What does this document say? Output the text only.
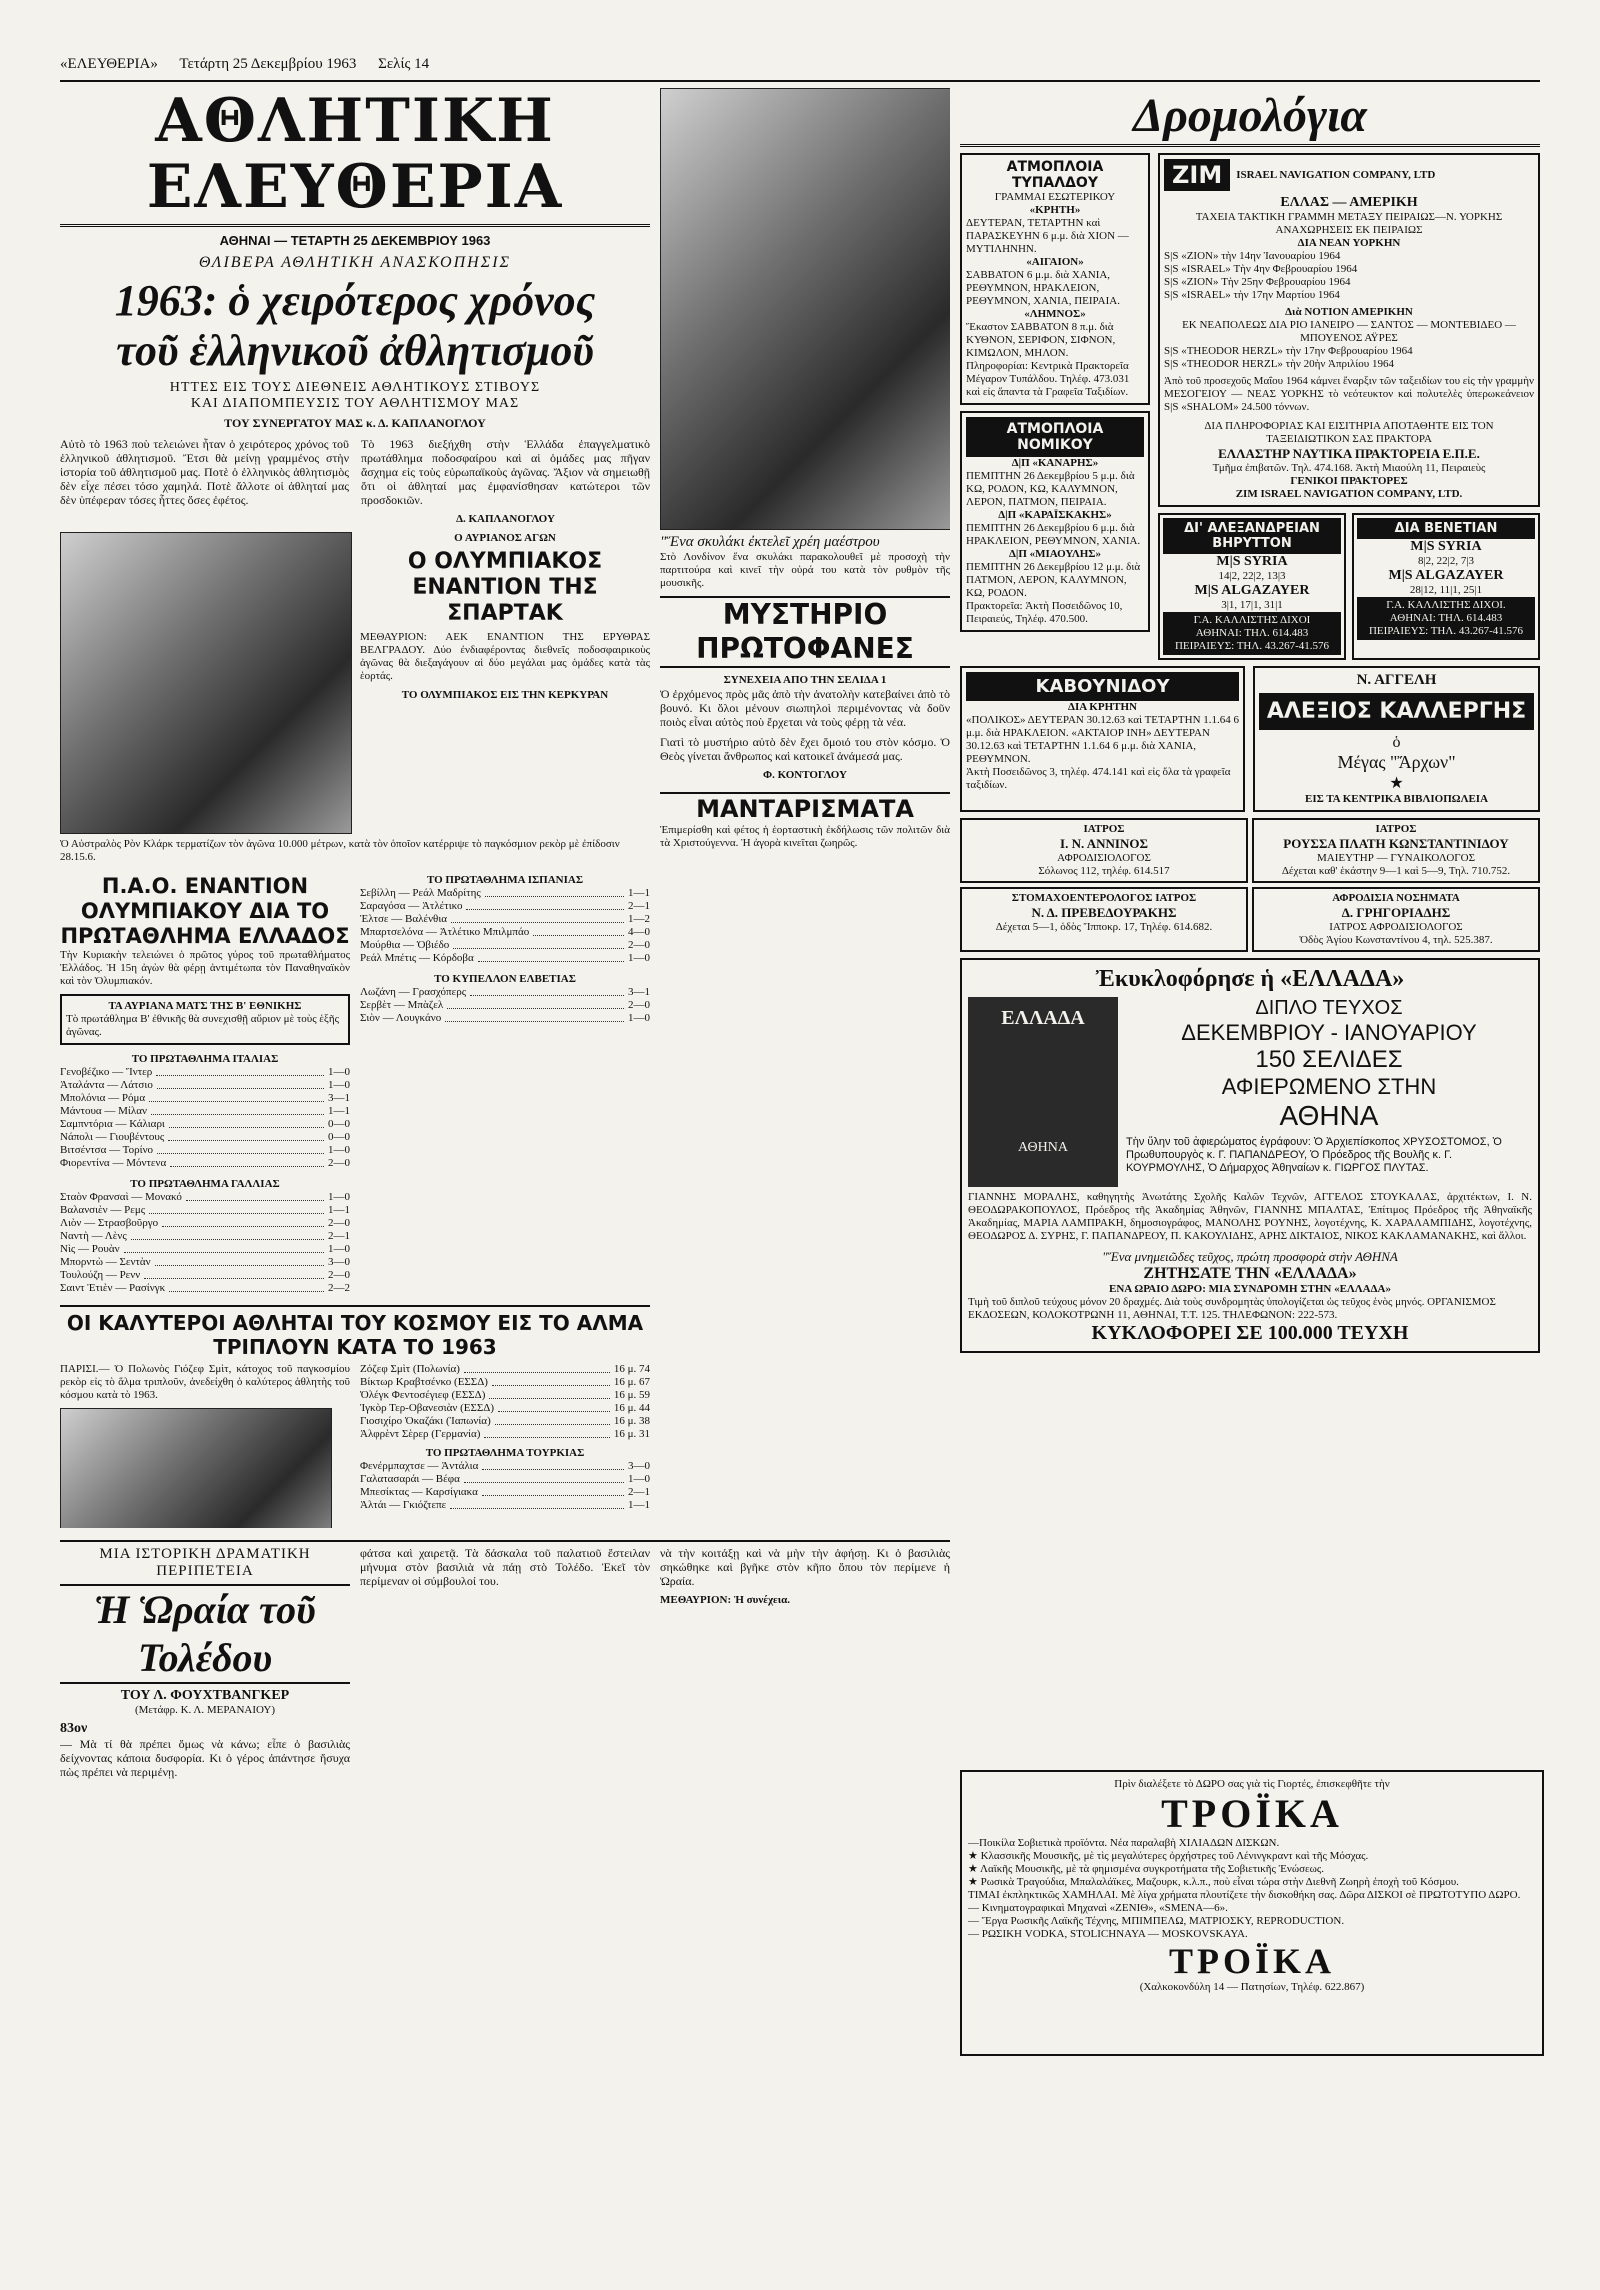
«ΕΛΕΥΘΕΡΙΑ» Τετάρτη 25 Δεκεμβρίου 1963 Σελίς 14
ΑΘΛΗΤΙΚΗ ΕΛΕΥΘΕΡΙΑ
ΑΘΗΝΑΙ — ΤΕΤΑΡΤΗ 25 ΔΕΚΕΜΒΡΙΟΥ 1963
ΘΛΙΒΕΡΑ ΑΘΛΗΤΙΚΗ ΑΝΑΣΚΟΠΗΣΙΣ
1963: ὁ χειρότερος χρόνος
τοῦ ἑλληνικοῦ ἀθλητισμοῦ
ΗΤΤΕΣ ΕΙΣ ΤΟΥΣ ΔΙΕΘΝΕΙΣ ΑΘΛΗΤΙΚΟΥΣ ΣΤΙΒΟΥΣ
ΚΑΙ ΔΙΑΠΟΜΠΕΥΣΙΣ ΤΟΥ ΑΘΛΗΤΙΣΜΟΥ ΜΑΣ
ΤΟΥ ΣΥΝΕΡΓΑΤΟΥ ΜΑΣ κ. Δ. ΚΑΠΛΑΝΟΓΛΟΥ

Αὐτὸ τὸ 1963 ποὺ τελειώνει ἦταν ὁ χειρότερος χρόνος τοῦ ἑλληνικοῦ ἀθλητισμοῦ. Ἔτσι θὰ μείνῃ γραμμένος στὴν ἱστορία τοῦ ἀθλητισμοῦ μας. Ποτὲ ὁ ἑλληνικὸς ἀθλητισμὸς δὲν εἶχε πέσει τόσο χαμηλά. Ποτὲ ἄλλοτε οἱ ἀθληταί μας δὲν ὑπέφεραν τόσες ἧττες ὅσες ἐφέτος.

Τὸ 1963 διεξήχθη στὴν Ἑλλάδα ἐπαγγελματικὸ πρωτάθλημα ποδοσφαίρου καὶ αἱ ὁμάδες μας πῆγαν ἄσχημα εἰς τοὺς εὐρωπαϊκοὺς ἀγῶνας. Ἄξιον νὰ σημειωθῇ ὅτι οἱ ἀθληταί μας ἐμφανίσθησαν κατώτεροι τῶν προσδοκιῶν.

Δ. ΚΑΠΛΑΝΟΓΛΟΥ
Ο ΑΥΡΙΑΝΟΣ ΑΓΩΝ
Ο ΟΛΥΜΠΙΑΚΟΣ ΕΝΑΝΤΙΟΝ ΤΗΣ ΣΠΑΡΤΑΚ

ΜΕΘΑΥΡΙΟΝ: ΑΕΚ ΕΝΑΝΤΙΟΝ ΤΗΣ ΕΡΥΘΡΑΣ ΒΕΛΓΡΑΔΟΥ. Δύο ἐνδιαφέροντας διεθνεῖς ποδοσφαιρικοὺς ἀγῶνας θὰ διεξαγάγουν αἱ δύο μεγάλαι μας ὁμάδες κατὰ τὰς ἑορτάς.

ΤΟ ΟΛΥΜΠΙΑΚΟΣ ΕΙΣ ΤΗΝ ΚΕΡΚΥΡΑΝ
Ὁ Αὐστραλὸς Ρὸν Κλάρκ τερματίζων τὸν ἀγῶνα 10.000 μέτρων, κατὰ τὸν ὁποῖον κατέρριψε τὸ παγκόσμιον ρεκὸρ μὲ ἐπίδοσιν 28.15.6.
Π.Α.Ο. ΕΝΑΝΤΙΟΝ ΟΛΥΜΠΙΑΚΟΥ ΔΙΑ ΤΟ ΠΡΩΤΑΘΛΗΜΑ ΕΛΛΑΔΟΣ

Τὴν Κυριακὴν τελειώνει ὁ πρῶτος γύρος τοῦ πρωταθλήματος Ἑλλάδος. Ἡ 15η ἀγὼν θὰ φέρῃ ἀντιμέτωπα τὸν Παναθηναϊκὸν καὶ τὸν Ὀλυμπιακόν.

ΤΑ ΑΥΡΙΑΝΑ ΜΑΤΣ ΤΗΣ Β' ΕΘΝΙΚΗΣ
Τὸ πρωτάθλημα Β' ἐθνικῆς θὰ συνεχισθῇ αὔριον μὲ τοὺς ἑξῆς ἀγῶνας.
ΤΟ ΠΡΩΤΑΘΛΗΜΑ ΙΤΑΛΙΑΣ
Γενοβέζικο — Ἴντερ	1—0
Ἀταλάντα — Λάτσιο	1—0
Μπολόνια — Ρόμα	3—1
Μάντουα — Μίλαν	1—1
Σαμπντόρια — Κάλιαρι	0—0
Νάπολι — Γιουβέντους	0—0
Βιτσέντσα — Τορίνο	1—0
Φιορεντίνα — Μόντενα	2—0
ΤΟ ΠΡΩΤΑΘΛΗΜΑ ΓΑΛΛΙΑΣ
Σταὸν Φρανσαὶ — Μονακό	1—0
Βαλανσιὲν — Ρεμς	1—1
Λιὸν — Στρασβοῦργο	2—0
Ναντὴ — Λὲνς	2—1
Νὶς — Ρουὰν	1—0
Μπορντὼ — Σεντὰν	3—0
Τουλούζη — Ρενν	2—0
Σαιντ Ἐτιὲν — Ρασίνγκ	2—2
ΤΟ ΠΡΩΤΑΘΛΗΜΑ ΙΣΠΑΝΙΑΣ
Σεβίλλη — Ρεάλ Μαδρίτης	1—1
Σαραγόσα — Ἀτλέτικο	2—1
Ἐλτσε — Βαλένθια	1—2
Μπαρτσελόνα — Ἀτλέτικο Μπιλμπάο	4—0
Μούρθια — Ὀβιέδο	2—0
Ρεάλ Μπέτις — Κόρδοβα	1—0
ΤΟ ΚΥΠΕΛΛΟΝ ΕΛΒΕΤΙΑΣ
Λωζάνη — Γρασχόπερς	3—1
Σερβὲτ — Μπὰζελ	2—0
Σιὸν — Λουγκάνο	1—0
ΟΙ ΚΑΛΥΤΕΡΟΙ ΑΘΛΗΤΑΙ ΤΟΥ ΚΟΣΜΟΥ ΕΙΣ ΤΟ ΑΛΜΑ ΤΡΙΠΛΟΥΝ ΚΑΤΑ ΤΟ 1963

ΠΑΡΙΣΙ.— Ὁ Πολωνὸς Γιόζεφ Σμὶτ, κάτοχος τοῦ παγκοσμίου ρεκὸρ εἰς τὸ ἅλμα τριπλοῦν, ἀνεδείχθη ὁ καλύτερος ἀθλητὴς τοῦ κόσμου κατὰ τὸ 1963.

Ζόζεφ Σμὶτ (Πολωνία)	16 μ. 74
Βίκτωρ Κραβτσένκο (ΕΣΣΔ)	16 μ. 67
Ὀλέγκ Φεντοσέγιεφ (ΕΣΣΔ)	16 μ. 59
Ἰγκὸρ Τερ-Οβανεσιὰν (ΕΣΣΔ)	16 μ. 44
Γιοσιχίρο Ὀκαζάκι (Ἰαπωνία)	16 μ. 38
Ἀλφρὲντ Σὲρερ (Γερμανία)	16 μ. 31
ΤΟ ΠΡΩΤΑΘΛΗΜΑ ΤΟΥΡΚΙΑΣ
Φενέρμπαχτσε — Ἀντάλια	3—0
Γαλατασαράι — Βέφα	1—0
Μπεσίκτας — Καρσίγιακα	2—1
Ἀλτάι — Γκιόζτεπε	1—1
"Ἕνα σκυλάκι ἐκτελεῖ χρέη μαέστρου

Στὸ Λονδίνον ἕνα σκυλάκι παρακολουθεῖ μὲ προσοχὴ τὴν παρτιτούρα καὶ κινεῖ τὴν οὐρά του κατὰ τὸν ρυθμὸν τῆς μουσικῆς.

ΜΥΣΤΗΡΙΟ ΠΡΩΤΟΦΑΝΕΣ
ΣΥΝΕΧΕΙΑ ΑΠΟ ΤΗΝ ΣΕΛΙΔΑ 1

Ὁ ἐρχόμενος πρὸς μᾶς ἀπὸ τὴν ἀνατολὴν κατεβαίνει ἀπὸ τὸ βουνό. Κι ὅλοι μένουν σιωπηλοὶ περιμένοντας νὰ δοῦν ποιὸς εἶναι αὐτὸς ποὺ ἔρχεται νὰ τοὺς φέρῃ τὰ νέα.

Γιατὶ τὸ μυστήριο αὐτὸ δὲν ἔχει ὅμοιό του στὸν κόσμο. Ὁ Θεὸς γίνεται ἄνθρωπος καὶ κατοικεῖ ἀνάμεσά μας.

Φ. ΚΟΝΤΟΓΛΟΥ
ΜΑΝΤΑΡΙΣΜΑΤΑ

Ἐπιμερίσθη καὶ φέτος ἡ ἑορταστικὴ ἐκδήλωσις τῶν πολιτῶν διὰ τὰ Χριστούγεννα. Ἡ ἀγορὰ κινεῖται ζωηρῶς.

Δρομολόγια
ΑΤΜΟΠΛΟΙΑ ΤΥΠΑΛΔΟΥ
ΓΡΑΜΜΑΙ ΕΣΩΤΕΡΙΚΟΥ
«ΚΡΗΤΗ»
ΔΕΥΤΕΡΑΝ, ΤΕΤΑΡΤΗΝ καὶ ΠΑΡΑΣΚΕΥΗΝ 6 μ.μ. διὰ ΧΙΟΝ — ΜΥΤΙΛΗΝΗΝ.
«ΑΙΓΑΙΟΝ»
ΣΑΒΒΑΤΟΝ 6 μ.μ. διὰ ΧΑΝΙΑ, ΡΕΘΥΜΝΟΝ, ΗΡΑΚΛΕΙΟΝ, ΡΕΘΥΜΝΟΝ, ΧΑΝΙΑ, ΠΕΙΡΑΙΑ.
«ΛΗΜΝΟΣ»
Ἕκαστον ΣΑΒΒΑΤΟΝ 8 π.μ. διὰ ΚΥΘΝΟΝ, ΣΕΡΙΦΟΝ, ΣΙΦΝΟΝ, ΚΙΜΩΛΟΝ, ΜΗΛΟΝ.
Πληροφορίαι: Κεντρικὰ Πρακτορεῖα Μέγαρον Τυπάλδου. Τηλέφ. 473.031 καὶ εἰς ἅπαντα τὰ Γραφεῖα Ταξιδίων.
ΑΤΜΟΠΛΟΙΑ ΝΟΜΙΚΟΥ
Δ|Π «ΚΑΝΑΡΗΣ»
ΠΕΜΠΤΗΝ 26 Δεκεμβρίου 5 μ.μ. διὰ ΚΩ, ΡΟΔΟΝ, ΚΩ, ΚΑΛΥΜΝΟΝ, ΛΕΡΟΝ, ΠΑΤΜΟΝ, ΠΕΙΡΑΙΑ.
Δ|Π «ΚΑΡΑΪΣΚΑΚΗΣ»
ΠΕΜΠΤΗΝ 26 Δεκεμβρίου 6 μ.μ. διὰ ΗΡΑΚΛΕΙΟΝ, ΡΕΘΥΜΝΟΝ, ΧΑΝΙΑ.
Δ|Π «ΜΙΑΟΥΛΗΣ»
ΠΕΜΠΤΗΝ 26 Δεκεμβρίου 12 μ.μ. διὰ ΠΑΤΜΟΝ, ΛΕΡΟΝ, ΚΑΛΥΜΝΟΝ, ΚΩ, ΡΟΔΟΝ.
Πρακτορεῖα: Ἀκτὴ Ποσειδῶνος 10, Πειραιεύς, Τηλέφ. 470.500.
ZIM	ISRAEL NAVIGATION COMPANY, LTD
ΕΛΛΑΣ — ΑΜΕΡΙΚΗ
ΤΑΧΕΙΑ ΤΑΚΤΙΚΗ ΓΡΑΜΜΗ ΜΕΤΑΞΥ ΠΕΙΡΑΙΩΣ—Ν. ΥΟΡΚΗΣ
ΑΝΑΧΩΡΗΣΕΙΣ ΕΚ ΠΕΙΡΑΙΩΣ
ΔΙΑ ΝΕΑΝ ΥΟΡΚΗΝ
S|S «ZION» τὴν 14ην Ἰανουαρίου 1964
S|S «ISRAEL» Τὴν 4ην Φεβρουαρίου 1964
S|S «ZION» Τὴν 25ην Φεβρουαρίου 1964
S|S «ISRAEL» τὴν 17ην Μαρτίου 1964
Διὰ ΝΟΤΙΟΝ ΑΜΕΡΙΚΗΝ
ΕΚ ΝΕΑΠΟΛΕΩΣ ΔΙΑ ΡΙΟ ΙΑΝΕΙΡΟ — ΣΑΝΤΟΣ — ΜΟΝΤΕΒΙΔΕΟ — ΜΠΟΥΕΝΟΣ ΑΫΡΕΣ
S|S «THEODOR HERZL» τὴν 17ην Φεβρουαρίου 1964
S|S «THEODOR HERZL» τὴν 20ὴν Ἀπριλίου 1964

Ἀπὸ τοῦ προσεχοῦς Μαΐου 1964 κάμνει ἔναρξιν τῶν ταξειδίων του εἰς τὴν γραμμὴν ΜΕΣΟΓΕΙΟΥ — ΝΕΑΣ ΥΟΡΚΗΣ τὸ νεότευκτον καὶ πολυτελὲς ὑπερωκεάνειον S|S «SHALOM» 24.500 τόννων.

ΔΙΑ ΠΛΗΡΟΦΟΡΙΑΣ ΚΑΙ ΕΙΣΙΤΗΡΙΑ ΑΠΟΤΑΘΗΤΕ ΕΙΣ ΤΟΝ ΤΑΞΕΙΔΙΩΤΙΚΟΝ ΣΑΣ ΠΡΑΚΤΟΡΑ
ΕΛΛΑΣΤΗΡ ΝΑΥΤΙΚΑ ΠΡΑΚΤΟΡΕΙΑ Ε.Π.Ε.
Τμῆμα ἐπιβατῶν. Τηλ. 474.168. Ἀκτὴ Μιαούλη 11, Πειραιεὺς
ΓΕΝΙΚΟΙ ΠΡΑΚΤΟΡΕΣ
ZIM ISRAEL NAVIGATION COMPANY, LTD.
ΔΙ' ΑΛΕΞΑΝΔΡΕΙΑΝ ΒΗΡΥΤΤΟΝ
M|S SYRIA
14|2, 22|2, 13|3
M|S ALGAZAYER
3|1, 17|1, 31|1
Γ.Α. ΚΑΛΛΙΣΤΗΣ ΔΙΧΟΙ
ΑΘΗΝΑΙ: ΤΗΛ. 614.483
ΠΕΙΡΑΙΕΥΣ: ΤΗΛ. 43.267-41.576
ΔΙΑ ΒΕΝΕΤΙΑΝ
M|S SYRIA
8|2, 22|2, 7|3
M|S ALGAZAYER
28|12, 11|1, 25|1
Γ.Α. ΚΑΛΛΙΣΤΗΣ ΔΙΧΟΙ.
ΑΘΗΝΑΙ: ΤΗΛ. 614.483
ΠΕΙΡΑΙΕΥΣ: ΤΗΛ. 43.267-41.576
ΚΑΒΟΥΝΙΔΟΥ
ΔΙΑ ΚΡΗΤΗΝ
«ΠΟΛΙΚΟΣ» ΔΕΥΤΕΡΑΝ 30.12.63 καὶ ΤΕΤΑΡΤΗΝ 1.1.64 6 μ.μ. διὰ ΗΡΑΚΛΕΙΟΝ. «ΑΚΤΑΙΟΡ ΙΝΗ» ΔΕΥΤΕΡΑΝ 30.12.63 καὶ ΤΕΤΑΡΤΗΝ 1.1.64 6 μ.μ. διὰ ΧΑΝΙΑ, ΡΕΘΥΜΝΟΝ.
Ἀκτὴ Ποσειδῶνος 3, τηλέφ. 474.141 καὶ εἰς ὅλα τὰ γραφεῖα ταξιδίων.
Ν. ΑΓΓΕΛΗ
ΑΛΕΞΙΟΣ ΚΑΛΛΕΡΓΗΣ
ὁ
Μέγας "Ἄρχων"
★
ΕΙΣ ΤΑ ΚΕΝΤΡΙΚΑ ΒΙΒΛΙΟΠΩΛΕΙΑ
ΙΑΤΡΟΣ
Ι. Ν. ΑΝΝΙΝΟΣ
ΑΦΡΟΔΙΣΙΟΛΟΓΟΣ
Σόλωνος 112, τηλέφ. 614.517
ΙΑΤΡΟΣ
ΡΟΥΣΣΑ ΠΛΑΤΗ ΚΩΝΣΤΑΝΤΙΝΙΔΟΥ
ΜΑΙΕΥΤΗΡ — ΓΥΝΑΙΚΟΛΟΓΟΣ
Δέχεται καθ' ἑκάστην 9—1 καὶ 5—9, Τηλ. 710.752.
ΣΤΟΜΑΧΟΕΝΤΕΡΟΛΟΓΟΣ ΙΑΤΡΟΣ
Ν. Δ. ΠΡΕΒΕΔΟΥΡΑΚΗΣ
Δέχεται 5—1, ὁδὸς Ἴπποκρ. 17, Τηλέφ. 614.682.
ΑΦΡΟΔΙΣΙΑ ΝΟΣΗΜΑΤΑ
Δ. ΓΡΗΓΟΡΙΑΔΗΣ
ΙΑΤΡΟΣ ΑΦΡΟΔΙΣΙΟΛΟΓΟΣ
Ὀδὸς Ἀγίου Κωνσταντίνου 4, τηλ. 525.387.
Ἐκυκλοφόρησε ἡ «ΕΛΛΑΔΑ»
ΕΛΛΑΔΑ
ΑΘΗΝΑ
ΔΙΠΛΟ ΤΕΥΧΟΣ
ΔΕΚΕΜΒΡΙΟΥ - ΙΑΝΟΥΑΡΙΟΥ
150 ΣΕΛΙΔΕΣ
ΑΦΙΕΡΩΜΕΝΟ ΣΤΗΝ
ΑΘΗΝΑ
Τὴν ὕλην τοῦ ἀφιερώματος ἐγράφουν: Ὁ Ἀρχιεπίσκοπος ΧΡΥΣΟΣΤΟΜΟΣ, Ὁ Πρωθυπουργὸς κ. Γ. ΠΑΠΑΝΔΡΕΟΥ, Ὁ Πρόεδρος τῆς Βουλῆς κ. Γ. ΚΟΥΡΜΟΥΛΗΣ, Ὁ Δήμαρχος Ἀθηναίων κ. ΓΙΩΡΓΟΣ ΠΛΥΤΑΣ.

ΓΙΑΝΝΗΣ ΜΟΡΑΛΗΣ, καθηγητὴς Ἀνωτάτης Σχολῆς Καλῶν Τεχνῶν, ΑΓΓΕΛΟΣ ΣΤΟΥΚΑΛΑΣ, ἀρχιτέκτων, Ι. Ν. ΘΕΟΔΩΡΑΚΟΠΟΥΛΟΣ, Πρόεδρος τῆς Ἀκαδημίας Ἀθηνῶν, ΓΙΑΝΝΗΣ ΜΠΑΛΤΑΣ, Ἐπίτιμος Πρόεδρος τῆς Ἀθηναϊκῆς Ἀκαδημίας, ΜΑΡΙΑ ΛΑΜΠΡΑΚΗ, δημοσιογράφος, ΜΑΝΟΛΗΣ ΡΟΥΝΗΣ, λογοτέχνης, Κ. ΧΑΡΑΛΑΜΠΙΔΗΣ, λογοτέχνης, ΘΕΟΔΩΡΟΣ Δ. ΣΥΡΗΣ, Γ. ΠΑΠΑΝΔΡΕΟΥ, Π. ΚΑΚΟΥΛΙΔΗΣ, ΑΡΗΣ ΔΙΚΤΑΙΟΣ, ΝΙΚΟΣ ΚΑΚΛΑΜΑΝΑΚΗΣ, καὶ ἄλλοι.

"Ἕνα μνημειῶδες τεῦχος, πρώτη προσφορὰ στὴν ΑΘΗΝΑ
ΖΗΤΗΣΑΤΕ ΤΗΝ «ΕΛΛΑΔΑ»
ΕΝΑ ΩΡΑΙΟ ΔΩΡΟ: ΜΙΑ ΣΥΝΔΡΟΜΗ ΣΤΗΝ «ΕΛΛΑΔΑ»
Τιμὴ τοῦ διπλοῦ τεύχους μόνον 20 δραχμές. Διὰ τοὺς συνδρομητὰς ὑπολογίζεται ὡς τεῦχος ἑνὸς μηνός. ΟΡΓΑΝΙΣΜΟΣ ΕΚΔΟΣΕΩΝ, ΚΟΛΟΚΟΤΡΩΝΗ 11, ΑΘΗΝΑΙ, Τ.Τ. 125. ΤΗΛΕΦΩΝΟΝ: 222-573.
ΚΥΚΛΟΦΟΡΕΙ ΣΕ 100.000 ΤΕΥΧΗ
ΜΙΑ ΙΣΤΟΡΙΚΗ ΔΡΑΜΑΤΙΚΗ ΠΕΡΙΠΕΤΕΙΑ
Ἡ Ὡραία τοῦ Τολέδου
ΤΟΥ Λ. ΦΟΥΧΤΒΑΝΓΚΕΡ
(Μετάφρ. Κ. Λ. ΜΕΡΑΝΑΙΟΥ)
83ον

— Μὰ τί θὰ πρέπει ὅμως νὰ κάνω; εἶπε ὁ βασιλιὰς δείχνοντας κάποια δυσφορία. Κι ὁ γέρος ἀπάντησε ἥσυχα πὼς πρέπει νὰ περιμένῃ.

φάτσα καὶ χαιρετᾷ. Τὰ δάσκαλα τοῦ παλατιοῦ ἔστειλαν μήνυμα στὸν βασιλιὰ νὰ πάῃ στὸ Τολέδο. Ἐκεῖ τὸν περίμεναν οἱ σύμβουλοί του.

νὰ τὴν κοιτάξῃ καὶ νὰ μὴν τὴν ἀφήσῃ. Κι ὁ βασιλιὰς σηκώθηκε καὶ βγῆκε στὸν κῆπο ὅπου τὸν περίμενε ἡ Ὡραία.

ΜΕΘΑΥΡΙΟΝ: Ἡ συνέχεια.
Πρὶν διαλέξετε τὸ ΔΩΡΟ σας γιὰ τὶς Γιορτές, ἐπισκεφθῆτε τὴν
ΤΡΟΪΚΑ
—Ποικίλα Σοβιετικὰ προϊόντα. Νέα παραλαβὴ ΧΙΛΙΑΔΩΝ ΔΙΣΚΩΝ.
★ Κλασσικῆς Μουσικῆς, μὲ τὶς μεγαλύτερες ὀρχήστρες τοῦ Λένινγκραντ καὶ τῆς Μόσχας.
★ Λαϊκῆς Μουσικῆς, μὲ τὰ φημισμένα συγκροτήματα τῆς Σοβιετικῆς Ἑνώσεως.
★ Ρωσικὰ Τραγούδια, Μπαλαλάϊκες, Μαζουρκ, κ.λ.π., ποὺ εἶναι τώρα στὴν Διεθνῆ Ζωηρὴ ἐποχὴ τοῦ Κόσμου.
ΤΙΜΑΙ ἐκπληκτικῶς ΧΑΜΗΛΑΙ. Μὲ λίγα χρήματα πλουτίζετε τὴν δισκοθήκη σας. Δῶρα ΔΙΣΚΟΙ σὲ ΠΡΩΤΟΤΥΠΟ ΔΩΡΟ.
— Κινηματογραφικαὶ Μηχαναὶ «ΖΕΝΙΘ», «SMENA—6».
— Ἔργα Ρωσικῆς Λαϊκῆς Τέχνης, ΜΠΙΜΠΕΛΩ, ΜΑΤΡΙΟΣΚΥ, REPRODUCTION.
— ΡΩΣΙΚΗ VODKA, STOLICHNAYA — MOSKOVSKAYA.
ΤΡΟΪΚΑ
(Χαλκοκονδύλη 14 — Πατησίων, Τηλέφ. 622.867)
